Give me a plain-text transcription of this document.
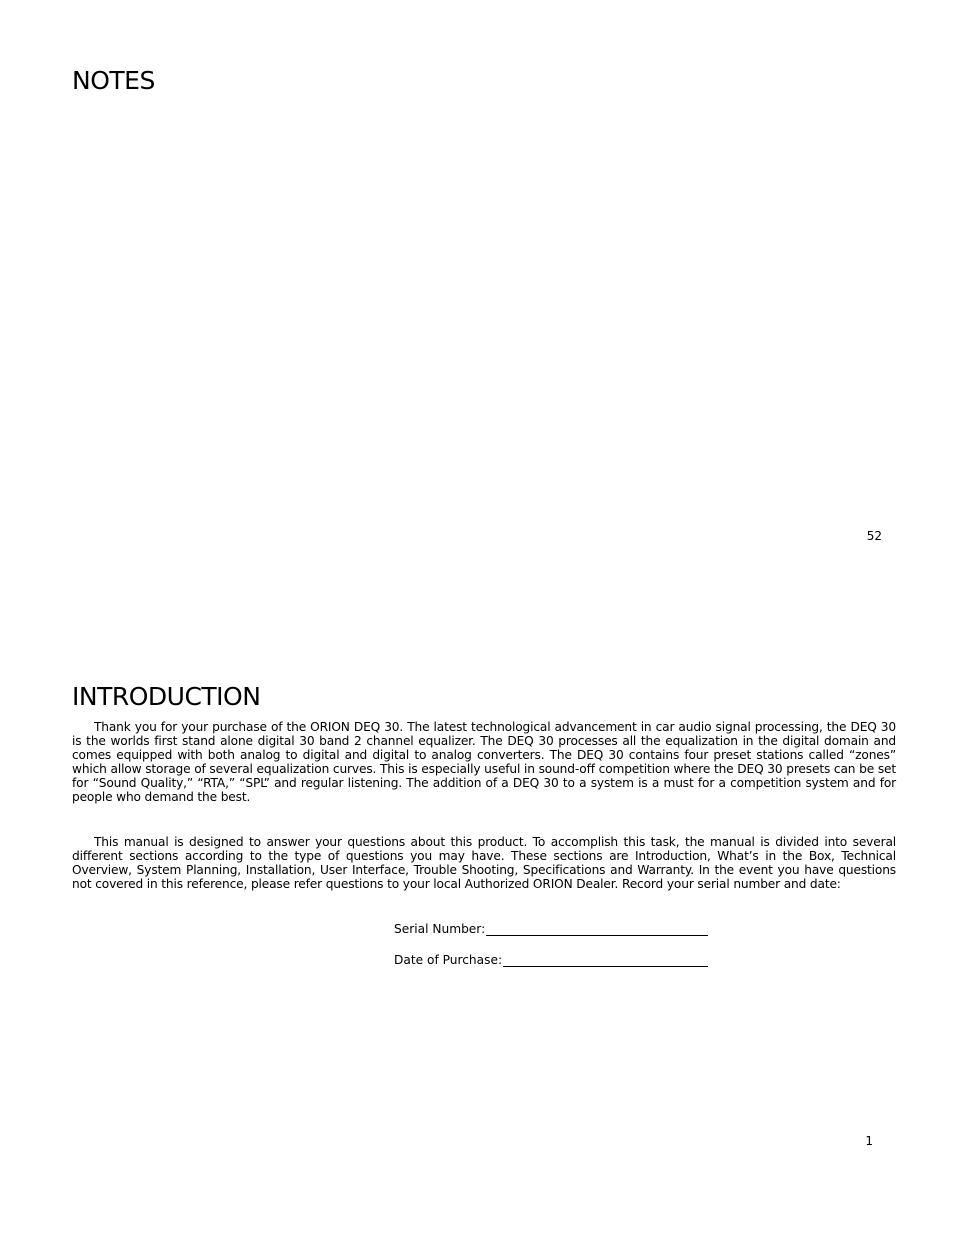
NOTES
52
INTRODUCTION

Thank you for your purchase of the ORION DEQ 30. The latest technological advancement in car audio signal processing, the DEQ 30 is the worlds first stand alone digital 30 band 2 channel equalizer. The DEQ 30 processes all the equalization in the digital domain and comes equipped with both analog to digital and digital to analog converters. The DEQ 30 contains four preset stations called “zones” which allow storage of several equalization curves. This is especially useful in sound-off competition where the DEQ 30 presets can be set for “Sound Quality,” “RTA,” “SPL” and regular listening. The addition of a DEQ 30 to a system is a must for a competition system and for people who demand the best.

This manual is designed to answer your questions about this product. To accomplish this task, the manual is divided into several different sections according to the type of questions you may have. These sections are Introduction, What’s in the Box, Technical Overview, System Planning, Installation, User Interface, Trouble Shooting, Specifications and Warranty. In the event you have questions not covered in this reference, please refer questions to your local Authorized ORION Dealer. Record your serial number and date:

Serial Number:
Date of Purchase:
1
